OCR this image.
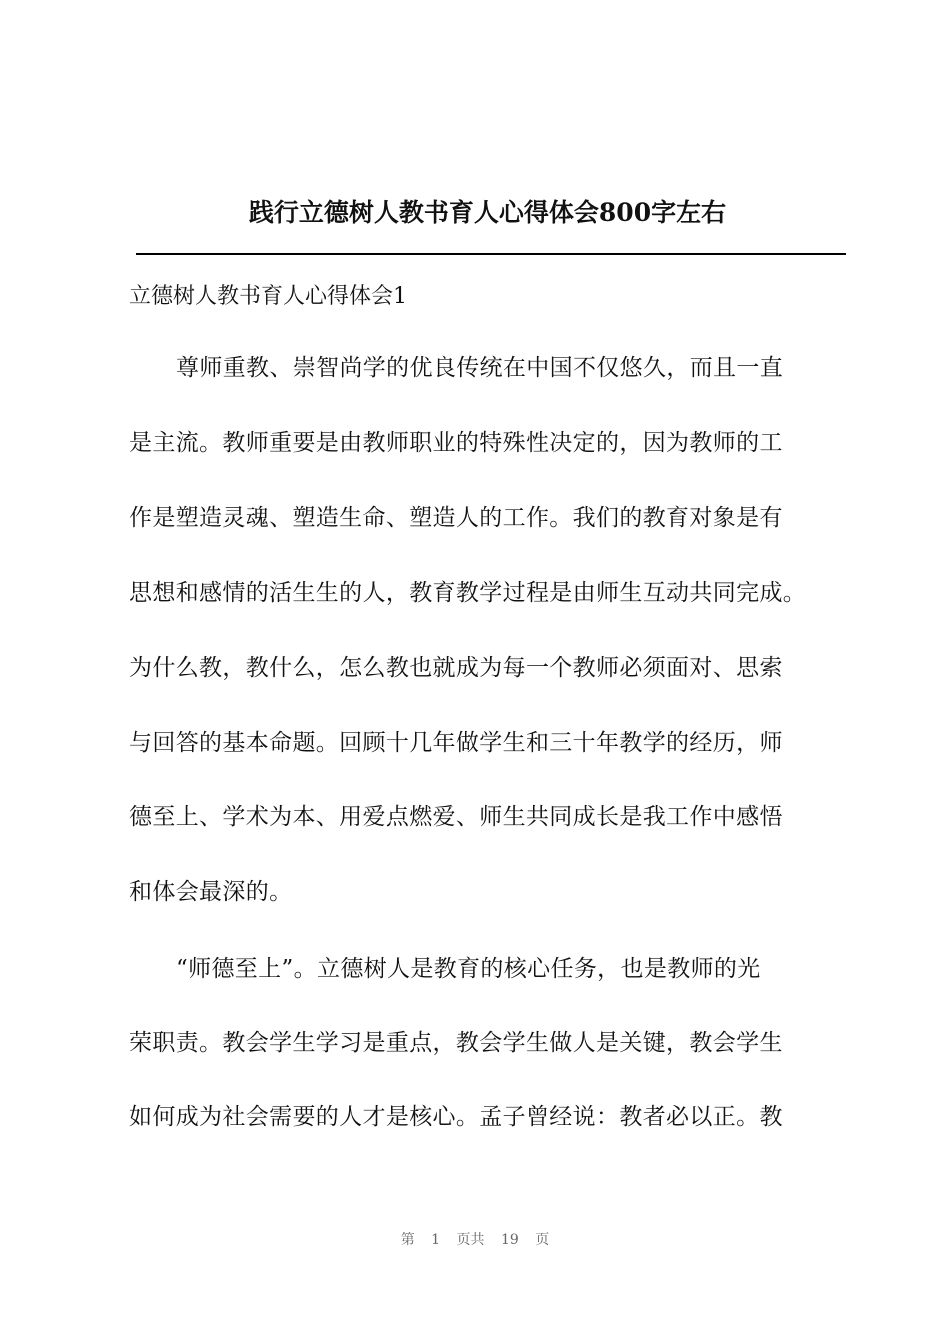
践行立德树人教书育人心得体会800字左右
立德树人教书育人心得体会1
尊师重教、崇智尚学的优良传统在中国不仅悠久，而且一直
是主流。教师重要是由教师职业的特殊性决定的，因为教师的工
作是塑造灵魂、塑造生命、塑造人的工作。我们的教育对象是有
思想和感情的活生生的人，教育教学过程是由师生互动共同完成。
为什么教，教什么，怎么教也就成为每一个教师必须面对、思索
与回答的基本命题。回顾十几年做学生和三十年教学的经历，师
德至上、学术为本、用爱点燃爱、师生共同成长是我工作中感悟
和体会最深的。
“师德至上”。立德树人是教育的核心任务，也是教师的光
荣职责。教会学生学习是重点，教会学生做人是关键，教会学生
如何成为社会需要的人才是核心。孟子曾经说：教者必以正。教
第 1 页共 19 页
